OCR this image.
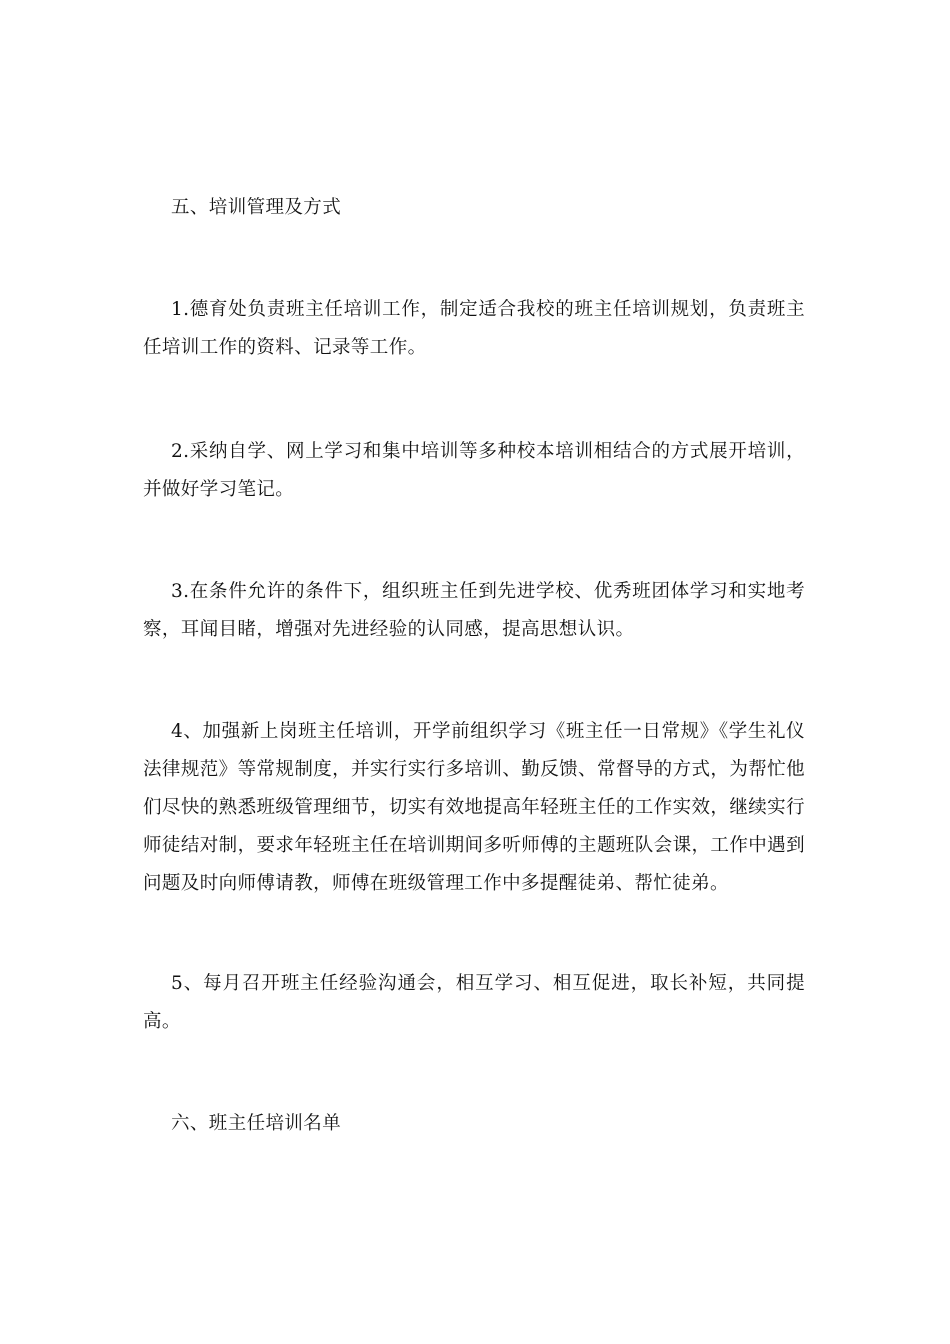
五、培训管理及方式

1.德育处负责班主任培训工作，制定适合我校的班主任培训规划，负责班主任培训工作的资料、记录等工作。

2.采纳自学、网上学习和集中培训等多种校本培训相结合的方式展开培训，并做好学习笔记。

3.在条件允许的条件下，组织班主任到先进学校、优秀班团体学习和实地考察，耳闻目睹，增强对先进经验的认同感，提高思想认识。

4、加强新上岗班主任培训，开学前组织学习《班主任一日常规》《学生礼仪法律规范》等常规制度，并实行实行多培训、勤反馈、常督导的方式，为帮忙他们尽快的熟悉班级管理细节，切实有效地提高年轻班主任的工作实效，继续实行师徒结对制，要求年轻班主任在培训期间多听师傅的主题班队会课，工作中遇到问题及时向师傅请教，师傅在班级管理工作中多提醒徒弟、帮忙徒弟。

5、每月召开班主任经验沟通会，相互学习、相互促进，取长补短，共同提高。

六、班主任培训名单
